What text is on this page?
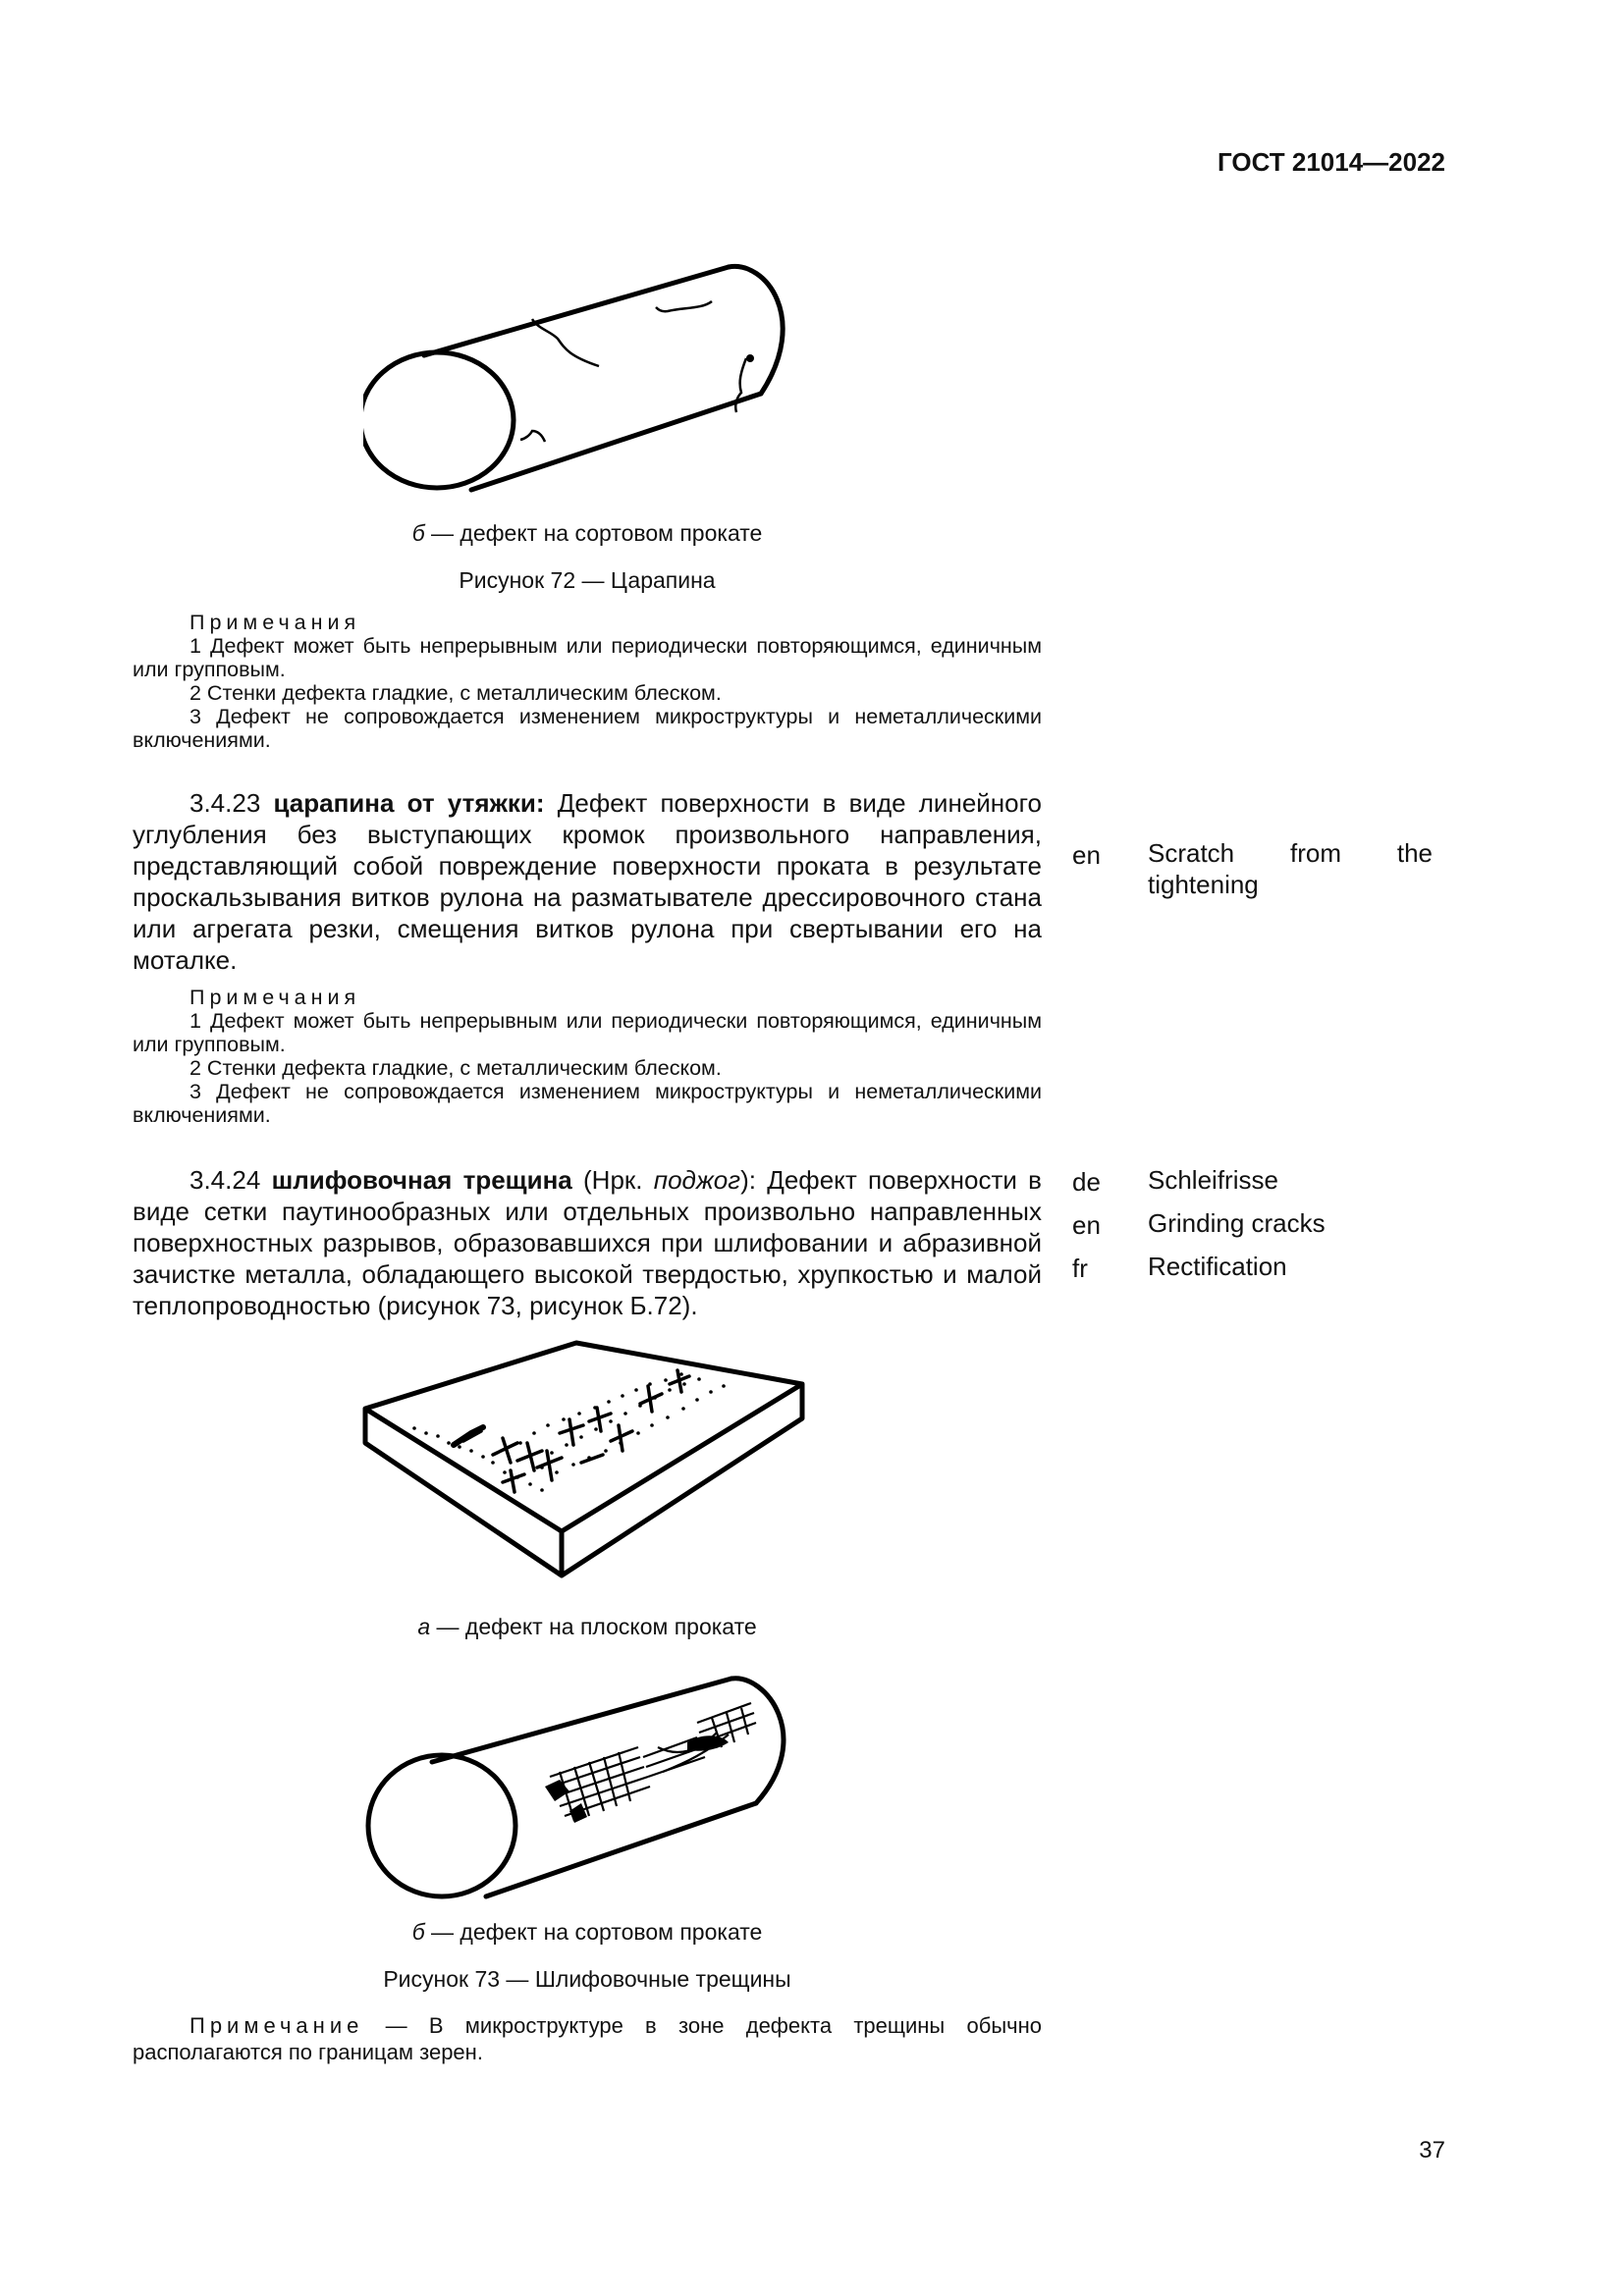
ГОСТ 21014—2022
б — дефект на сортовом прокате
Рисунок 72 — Царапина
Примечания
1 Дефект может быть непрерывным или периодически повторяющимся, единичным или групповым.
2 Стенки дефекта гладкие, с металлическим блеском.
3 Дефект не сопровождается изменением микроструктуры и неметаллическими включениями.
3.4.23 царапина от утяжки: Дефект поверхности в виде линейного углубления без выступающих кромок произвольного направления, представляющий собой повреждение поверхности проката в результате проскальзывания витков рулона на разматывателе дрессировочного стана или агрегата резки, смещения витков рулона при свертывании его на моталке.
en Scratch from the tightening
Примечания
1 Дефект может быть непрерывным или периодически повторяющимся, единичным или групповым.
2 Стенки дефекта гладкие, с металлическим блеском.
3 Дефект не сопровождается изменением микроструктуры и неметаллическими включениями.
3.4.24 шлифовочная трещина (Нрк. поджог): Дефект поверхности в виде сетки паутинообразных или отдельных произвольно направленных поверхностных разрывов, образовавшихся при шлифовании и абразивной зачистке металла, обладающего высокой твердостью, хрупкостью и малой теплопроводностью (рисунок 73, рисунок Б.72).
de Schleifrisse
en Grinding cracks
fr Rectification
а — дефект на плоском прокате
б — дефект на сортовом прокате
Рисунок 73 — Шлифовочные трещины
Примечание — В микроструктуре в зоне дефекта трещины обычно располагаются по границам зерен.
37
